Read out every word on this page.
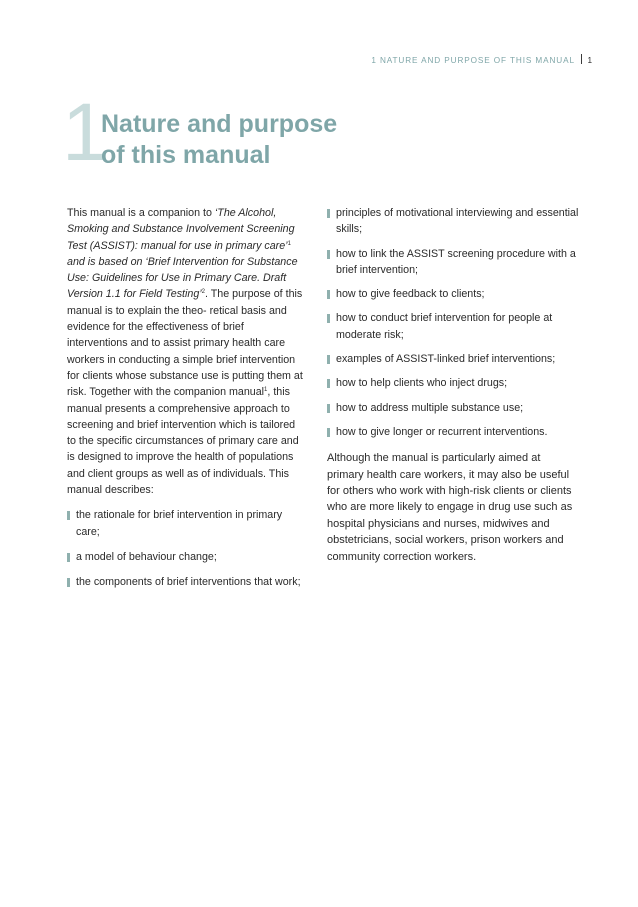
1 NATURE AND PURPOSE OF THIS MANUAL 1
1
Nature and purpose
of this manual

This manual is a companion to ‘The Alcohol, Smoking and Substance Involvement Screening Test (ASSIST): manual for use in primary care’$^1$ and is based on ‘Brief Intervention for Substance Use: Guidelines for Use in Primary Care. Draft Version 1.1 for Field Testing’$^2$. The purpose of this manual is to explain the theo- retical basis and evidence for the effectiveness of brief interventions and to assist primary health care workers in conducting a simple brief intervention for clients whose substance use is putting them at risk. Together with the companion manual$^1$, this manual presents a comprehensive approach to screening and brief intervention which is tailored to the specific circumstances of primary care and is designed to improve the health of populations and client groups as well as of individuals. This manual describes:

the rationale for brief intervention in primary care;
a model of behaviour change;
the components of brief interventions that work;
principles of motivational interviewing and essential skills;
how to link the ASSIST screening procedure with a brief intervention;
how to give feedback to clients;
how to conduct brief intervention for people at moderate risk;
examples of ASSIST-linked brief interventions;
how to help clients who inject drugs;
how to address multiple substance use;
how to give longer or recurrent interventions.

Although the manual is particularly aimed at primary health care workers, it may also be useful for others who work with high-risk clients or clients who are more likely to engage in drug use such as hospital physicians and nurses, midwives and obstetricians, social workers, prison workers and community correction workers.
